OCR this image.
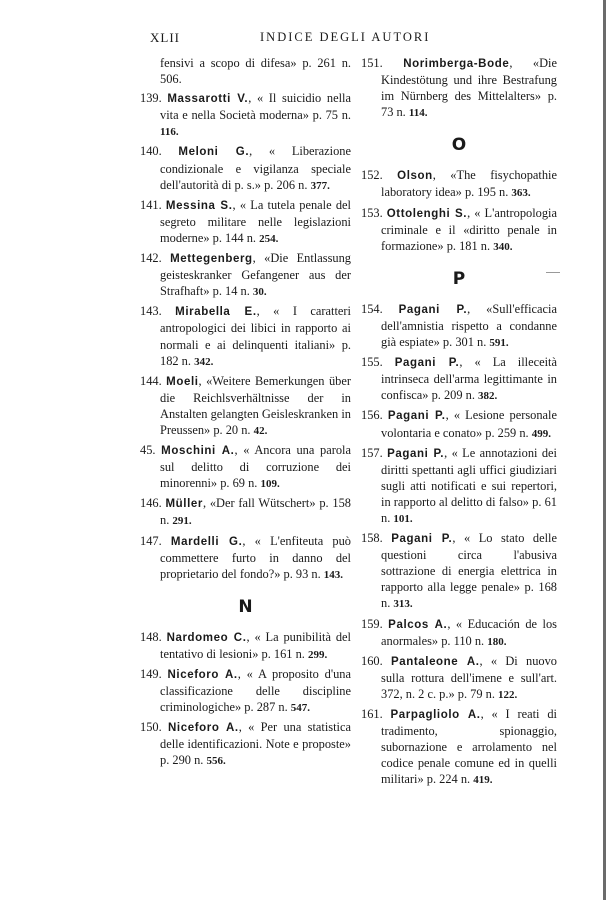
XLII	INDICE DEGLI AUTORI
fensivi a scopo di difesa» p. 261 n. 506.
139. Massarotti V., « Il suicidio nella vita e nella Società moderna» p. 75 n. 116.
140. Meloni G., « Liberazione condizionale e vigilanza speciale dell'autorità di p. s.» p. 206 n. 377.
141. Messina S., « La tutela penale del segreto militare nelle legislazioni moderne» p. 144 n. 254.
142. Mettegenberg, «Die Entlassung geisteskranker Gefangener aus der Strafhaft» p. 14 n. 30.
143. Mirabella E., « I caratteri antropologici dei libici in rapporto ai normali e ai delinquenti italiani» p. 182 n. 342.
144. Moeli, «Weitere Bemerkungen über die Reichlsverhältnisse der in Anstalten gelangten Geisleskranken in Preussen» p. 20 n. 42.
45. Moschini A., « Ancora una parola sul delitto di corruzione dei minorenni» p. 69 n. 109.
146. Müller, «Der fall Wütschert» p. 158 n. 291.
147. Mardelli G., « L'enfiteuta può commettere furto in danno del proprietario del fondo?» p. 93 n. 143.
N
148. Nardomeo C., « La punibilità del tentativo di lesioni» p. 161 n. 299.
149. Niceforo A., « A proposito d'una classificazione delle discipline criminologiche» p. 287 n. 547.
150. Niceforo A., « Per una statistica delle identificazioni. Note e proposte» p. 290 n. 556.
151. Norimberga-Bode, «Die Kindestötung und ihre Bestrafung im Nürnberg des Mittelalters» p. 73 n. 114.
O
152. Olson, «The fisychopathie laboratory idea» p. 195 n. 363.
153. Ottolenghi S., « L'antropologia criminale e il «diritto penale in formazione» p. 181 n. 340.
P
154. Pagani P., «Sull'efficacia dell'amnistia rispetto a condanne già espiate» p. 301 n. 591.
155. Pagani P., « La illeceità intrinseca dell'arma legittimante in confisca» p. 209 n. 382.
156. Pagani P., « Lesione personale volontaria e conato» p. 259 n. 499.
157. Pagani P., « Le annotazioni dei diritti spettanti agli uffici giudiziari sugli atti notificati e sui repertori, in rapporto al delitto di falso» p. 61 n. 101.
158. Pagani P., « Lo stato delle questioni circa l'abusiva sottrazione di energia elettrica in rapporto alla legge penale» p. 168 n. 313.
159. Palcos A., « Educación de los anormales» p. 110 n. 180.
160. Pantaleone A., « Di nuovo sulla rottura dell'imene e sull'art. 372, n. 2 c. p.» p. 79 n. 122.
161. Parpagliolo A., « I reati di tradimento, spionaggio, subornazione e arrolamento nel codice penale comune ed in quelli militari» p. 224 n. 419.
